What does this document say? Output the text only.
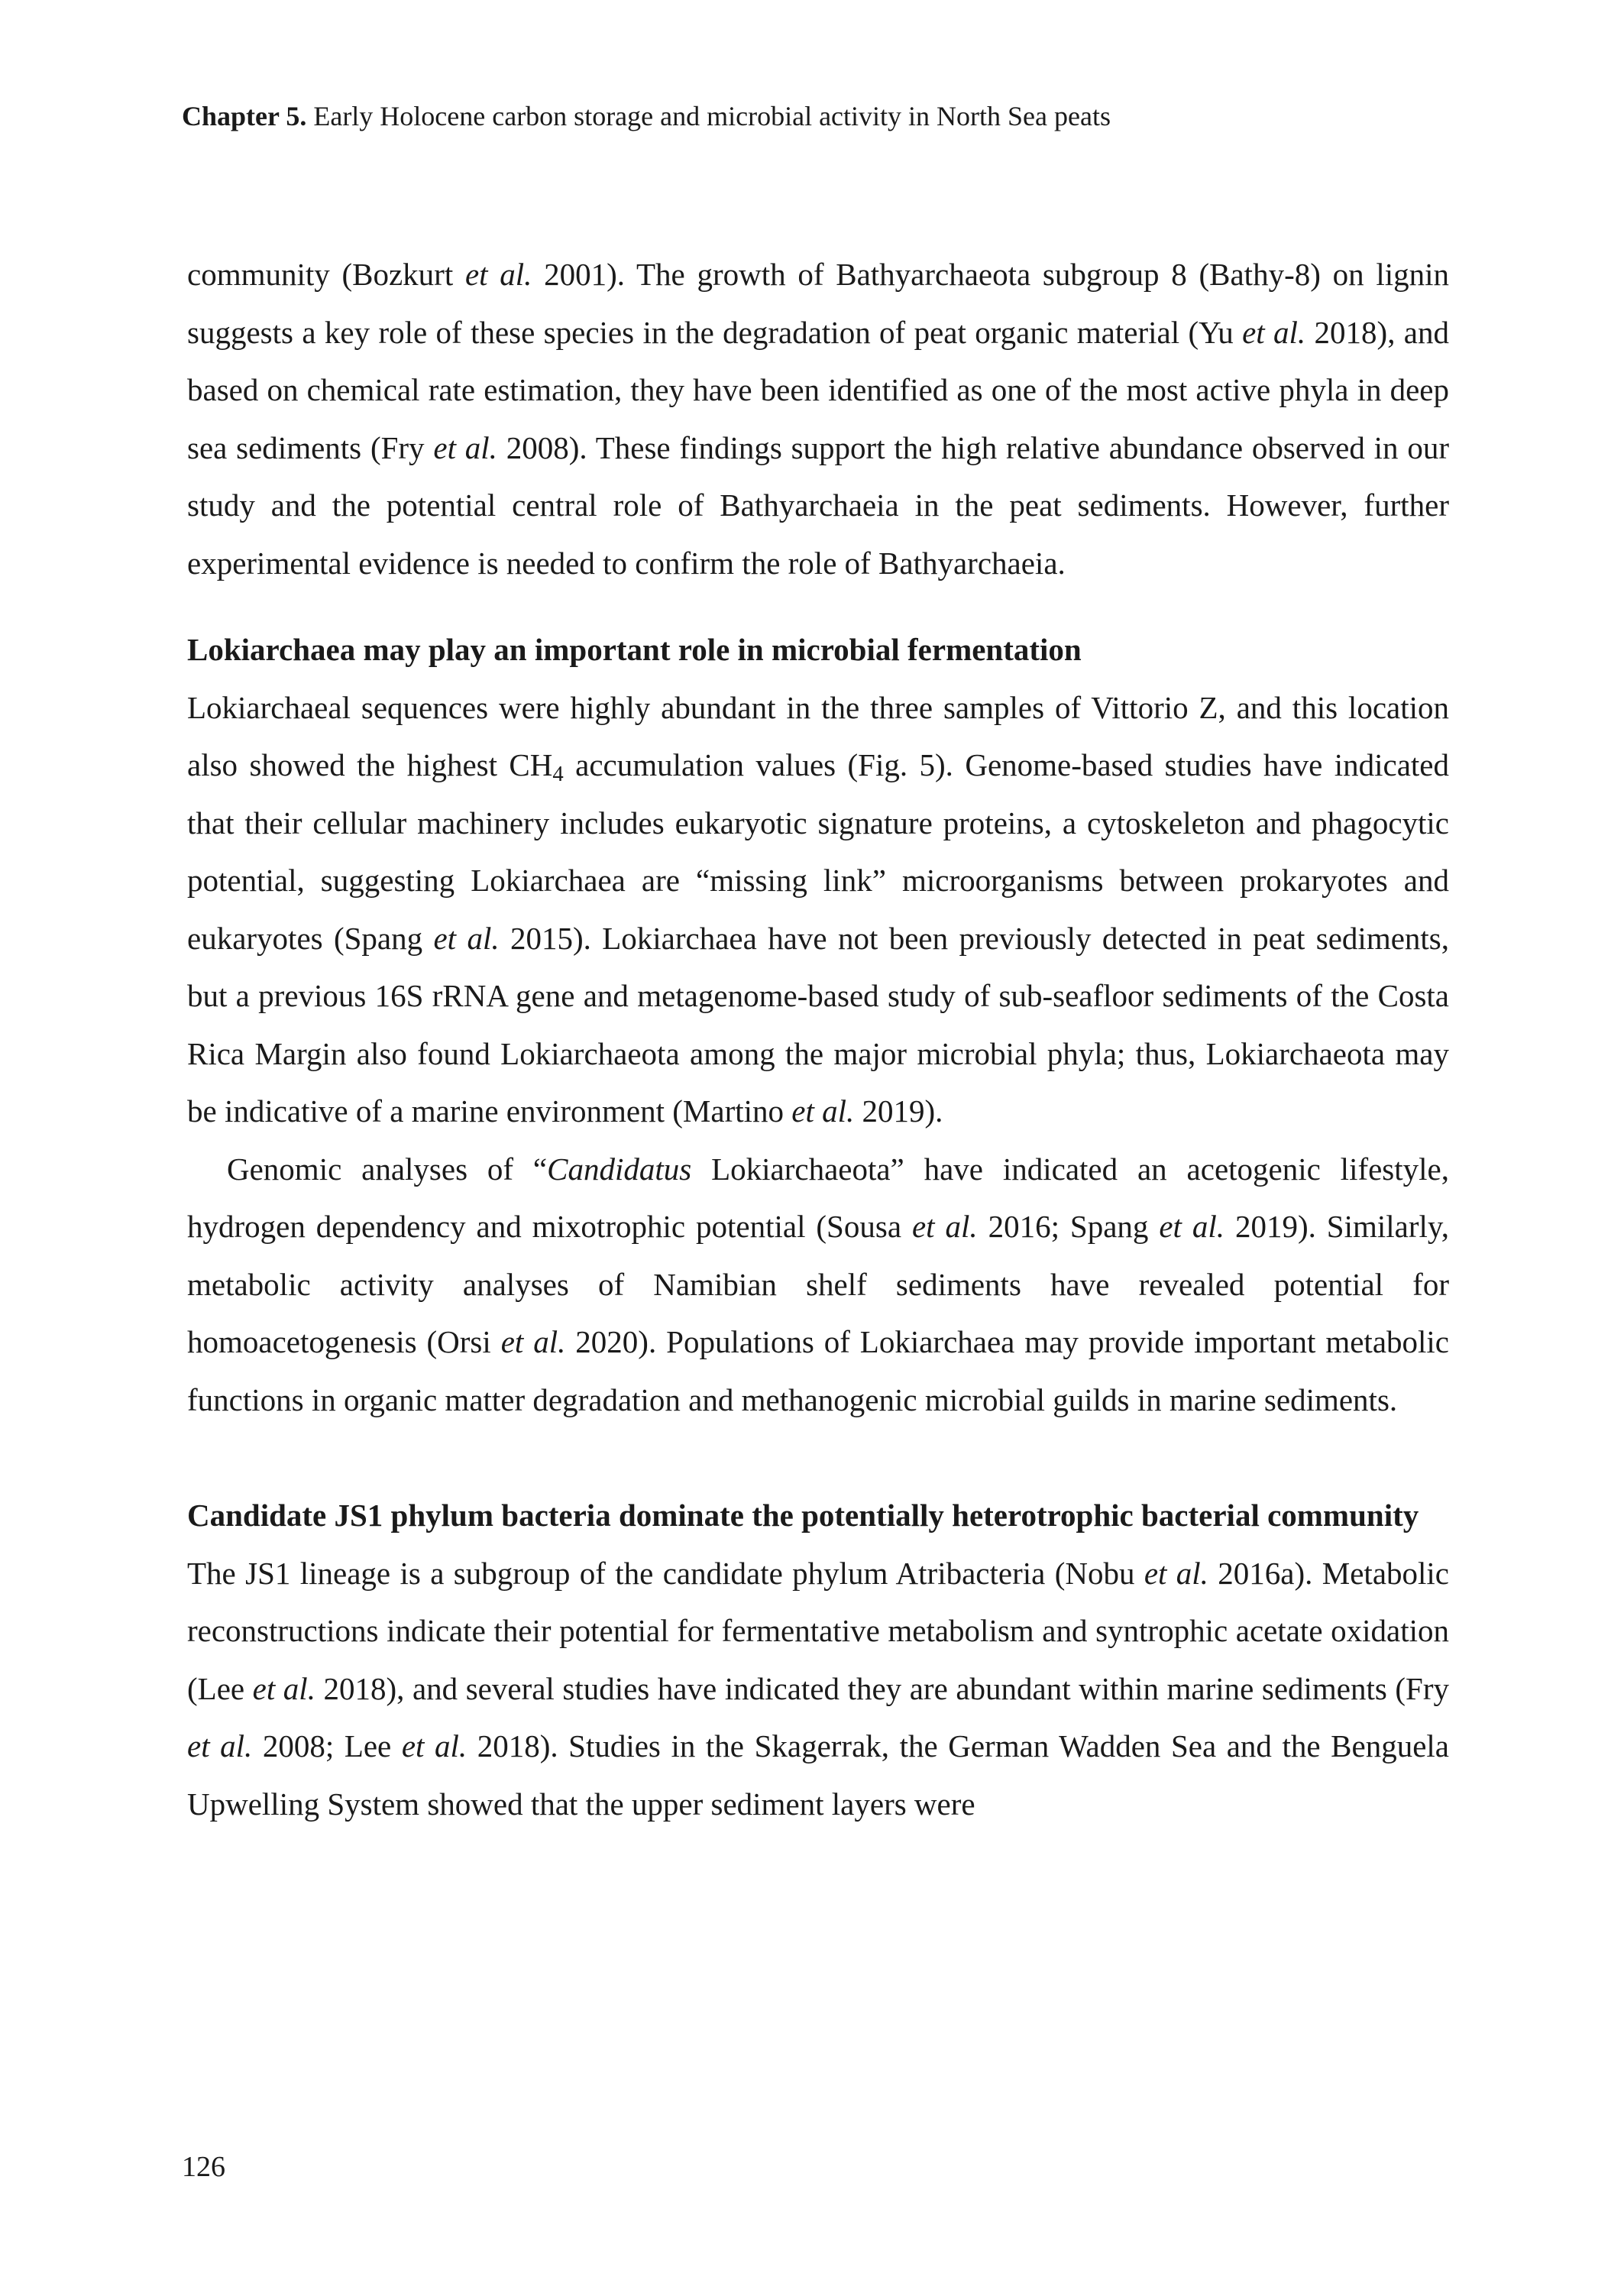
Chapter 5. Early Holocene carbon storage and microbial activity in North Sea peats

community (Bozkurt et al. 2001). The growth of Bathyarchaeota subgroup 8 (Bathy-8) on lignin suggests a key role of these species in the degradation of peat organic material (Yu et al. 2018), and based on chemical rate estimation, they have been identified as one of the most active phyla in deep sea sediments (Fry et al. 2008). These findings support the high relative abundance observed in our study and the potential central role of Bathyarchaeia in the peat sediments. However, further experimental evidence is needed to confirm the role of Bathyarchaeia.

Lokiarchaea may play an important role in microbial fermentation

Lokiarchaeal sequences were highly abundant in the three samples of Vittorio Z, and this location also showed the highest $CH_4$ accumulation values (Fig. 5). Genome-based studies have indicated that their cellular machinery includes eukaryotic signature proteins, a cytoskeleton and phagocytic potential, suggesting Lokiarchaea are “missing link” microorganisms between prokaryotes and eukaryotes (Spang et al. 2015). Lokiarchaea have not been previously detected in peat sediments, but a previous 16S rRNA gene and metagenome-based study of sub-seafloor sediments of the Costa Rica Margin also found Lokiarchaeota among the major microbial phyla; thus, Lokiarchaeota may be indicative of a marine environment (Martino et al. 2019).

Genomic analyses of “Candidatus Lokiarchaeota” have indicated an acetogenic lifestyle, hydrogen dependency and mixotrophic potential (Sousa et al. 2016; Spang et al. 2019). Similarly, metabolic activity analyses of Namibian shelf sediments have revealed potential for homoacetogenesis (Orsi et al. 2020). Populations of Lokiarchaea may provide important metabolic functions in organic matter degradation and methanogenic microbial guilds in marine sediments.

Candidate JS1 phylum bacteria dominate the potentially heterotrophic bacterial community

The JS1 lineage is a subgroup of the candidate phylum Atribacteria (Nobu et al. 2016a). Metabolic reconstructions indicate their potential for fermentative metabolism and syntrophic acetate oxidation (Lee et al. 2018), and several studies have indicated they are abundant within marine sediments (Fry et al. 2008; Lee et al. 2018). Studies in the Skagerrak, the German Wadden Sea and the Benguela Upwelling System showed that the upper sediment layers were

126
